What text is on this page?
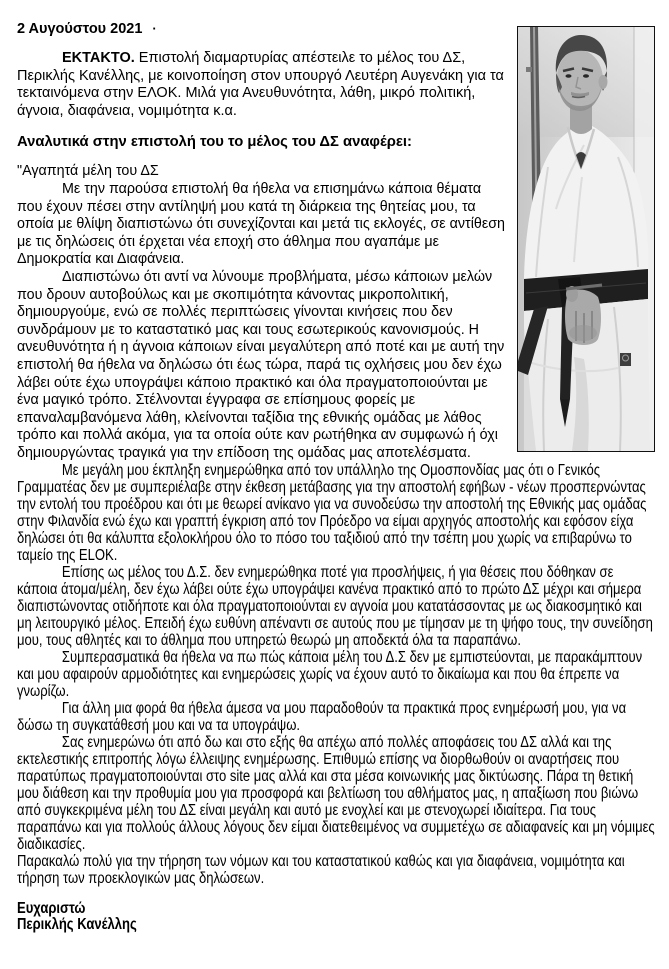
2 Αυγούστου 2021 ·

ΕΚΤΑΚΤΟ. Επιστολή διαμαρτυρίας απέστειλε το μέλος του ΔΣ, Περικλής Κανέλλης, με κοινοποίηση στον υπουργό Λευτέρη Αυγενάκη για τα τεκταινόμενα στην ΕΛΟΚ. Μιλά για Ανευθυνότητα, λάθη, μικρό πολιτική, άγνοια, διαφάνεια, νομιμότητα κ.α.

Αναλυτικά στην επιστολή του το μέλος του ΔΣ αναφέρει:

"Αγαπητά μέλη του ΔΣ

Με την παρούσα επιστολή θα ήθελα να επισημάνω κάποια θέματα που έχουν πέσει στην αντίληψή μου κατά τη διάρκεια της θητείας μου, τα οποία με θλίψη διαπιστώνω ότι συνεχίζονται και μετά τις εκλογές, σε αντίθεση με τις δηλώσεις ότι έρχεται νέα εποχή στο άθλημα που αγαπάμε με Δημοκρατία και Διαφάνεια.

Διαπιστώνω ότι αντί να λύνουμε προβλήματα, μέσω κάποιων μελών που δρουν αυτοβούλως και με σκοπιμότητα κάνοντας μικροπολιτική, δημιουργούμε, ενώ σε πολλές περιπτώσεις γίνονται κινήσεις που δεν συνδράμουν με το καταστατικό μας και τους εσωτερικούς κανονισμούς. Η ανευθυνότητα ή η άγνοια κάποιων είναι μεγαλύτερη από ποτέ και με αυτή την επιστολή θα ήθελα να δηλώσω ότι έως τώρα, παρά τις οχλήσεις μου δεν έχω λάβει ούτε έχω υπογράψει κάποιο πρακτικό και όλα πραγματοποιούνται με ένα μαγικό τρόπο. Στέλνονται έγγραφα σε επίσημους φορείς με επαναλαμβανόμενα λάθη, κλείνονται ταξίδια της εθνικής ομάδας με λάθος τρόπο και πολλά ακόμα, για τα οποία ούτε καν ρωτήθηκα αν συμφωνώ ή όχι δημιουργώντας τραγικά για την επίδοση της ομάδας μας αποτελέσματα.

Με μεγάλη μου έκπληξη ενημερώθηκα από τον υπάλληλο της Ομοσπονδίας μας ότι ο Γενικός Γραμματέας δεν με συμπεριέλαβε στην έκθεση μετάβασης για την αποστολή εφήβων - νέων προσπερνώντας την εντολή του προέδρου και ότι με θεωρεί ανίκανο για να συνοδεύσω την αποστολή της Εθνικής μας ομάδας στην Φιλανδία ενώ έχω και γραπτή έγκριση από τον Πρόεδρο να είμαι αρχηγός αποστολής και εφόσον είχα δηλώσει ότι θα κάλυπτα εξολοκλήρου όλο το πόσο του ταξιδιού από την τσέπη μου χωρίς να επιβαρύνω το ταμείο της ELOK.

Επίσης ως μέλος του Δ.Σ. δεν ενημερώθηκα ποτέ για προσλήψεις, ή για θέσεις που δόθηκαν σε κάποια άτομα/μέλη, δεν έχω λάβει ούτε έχω υπογράψει κανένα πρακτικό από το πρώτο ΔΣ μέχρι και σήμερα διαπιστώνοντας οτιδήποτε και όλα πραγματοποιούνται εν αγνοία μου κατατάσσοντας με ως διακοσμητικό και μη λειτουργικό μέλος. Επειδή έχω ευθύνη απέναντι σε αυτούς που με τίμησαν με τη ψήφο τους, την συνείδηση μου, τους αθλητές και το άθλημα που υπηρετώ θεωρώ μη αποδεκτά όλα τα παραπάνω.

Συμπερασματικά θα ήθελα να πω πώς κάποια μέλη του Δ.Σ δεν με εμπιστεύονται, με παρακάμπτουν και μου αφαιρούν αρμοδιότητες και ενημερώσεις χωρίς να έχουν αυτό το δικαίωμα και που θα έπρεπε να γνωρίζω.

Για άλλη μια φορά θα ήθελα άμεσα να μου παραδοθούν τα πρακτικά προς ενημέρωσή μου, για να δώσω τη συγκατάθεσή μου και να τα υπογράψω.

Σας ενημερώνω ότι από δω και στο εξής θα απέχω από πολλές αποφάσεις του ΔΣ αλλά και της εκτελεστικής επιτροπής λόγω έλλειψης ενημέρωσης. Επιθυμώ επίσης να διορθωθούν οι αναρτήσεις που παρατύπως πραγματοποιούνται στο site μας αλλά και στα μέσα κοινωνικής μας δικτύωσης. Πάρα τη θετική μου διάθεση και την προθυμία μου για προσφορά και βελτίωση του αθλήματος μας, η απαξίωση που βιώνω από συγκεκριμένα μέλη του ΔΣ είναι μεγάλη και αυτό με ενοχλεί και με στενοχωρεί ιδιαίτερα. Για τους παραπάνω και για πολλούς άλλους λόγους δεν είμαι διατεθειμένος να συμμετέχω σε αδιαφανείς και μη νόμιμες διαδικασίες.

Παρακαλώ πολύ για την τήρηση των νόμων και του καταστατικού καθώς και για διαφάνεια, νομιμότητα και τήρηση των προεκλογικών μας δηλώσεων.

Ευχαριστώ

Περικλής Κανέλλης
